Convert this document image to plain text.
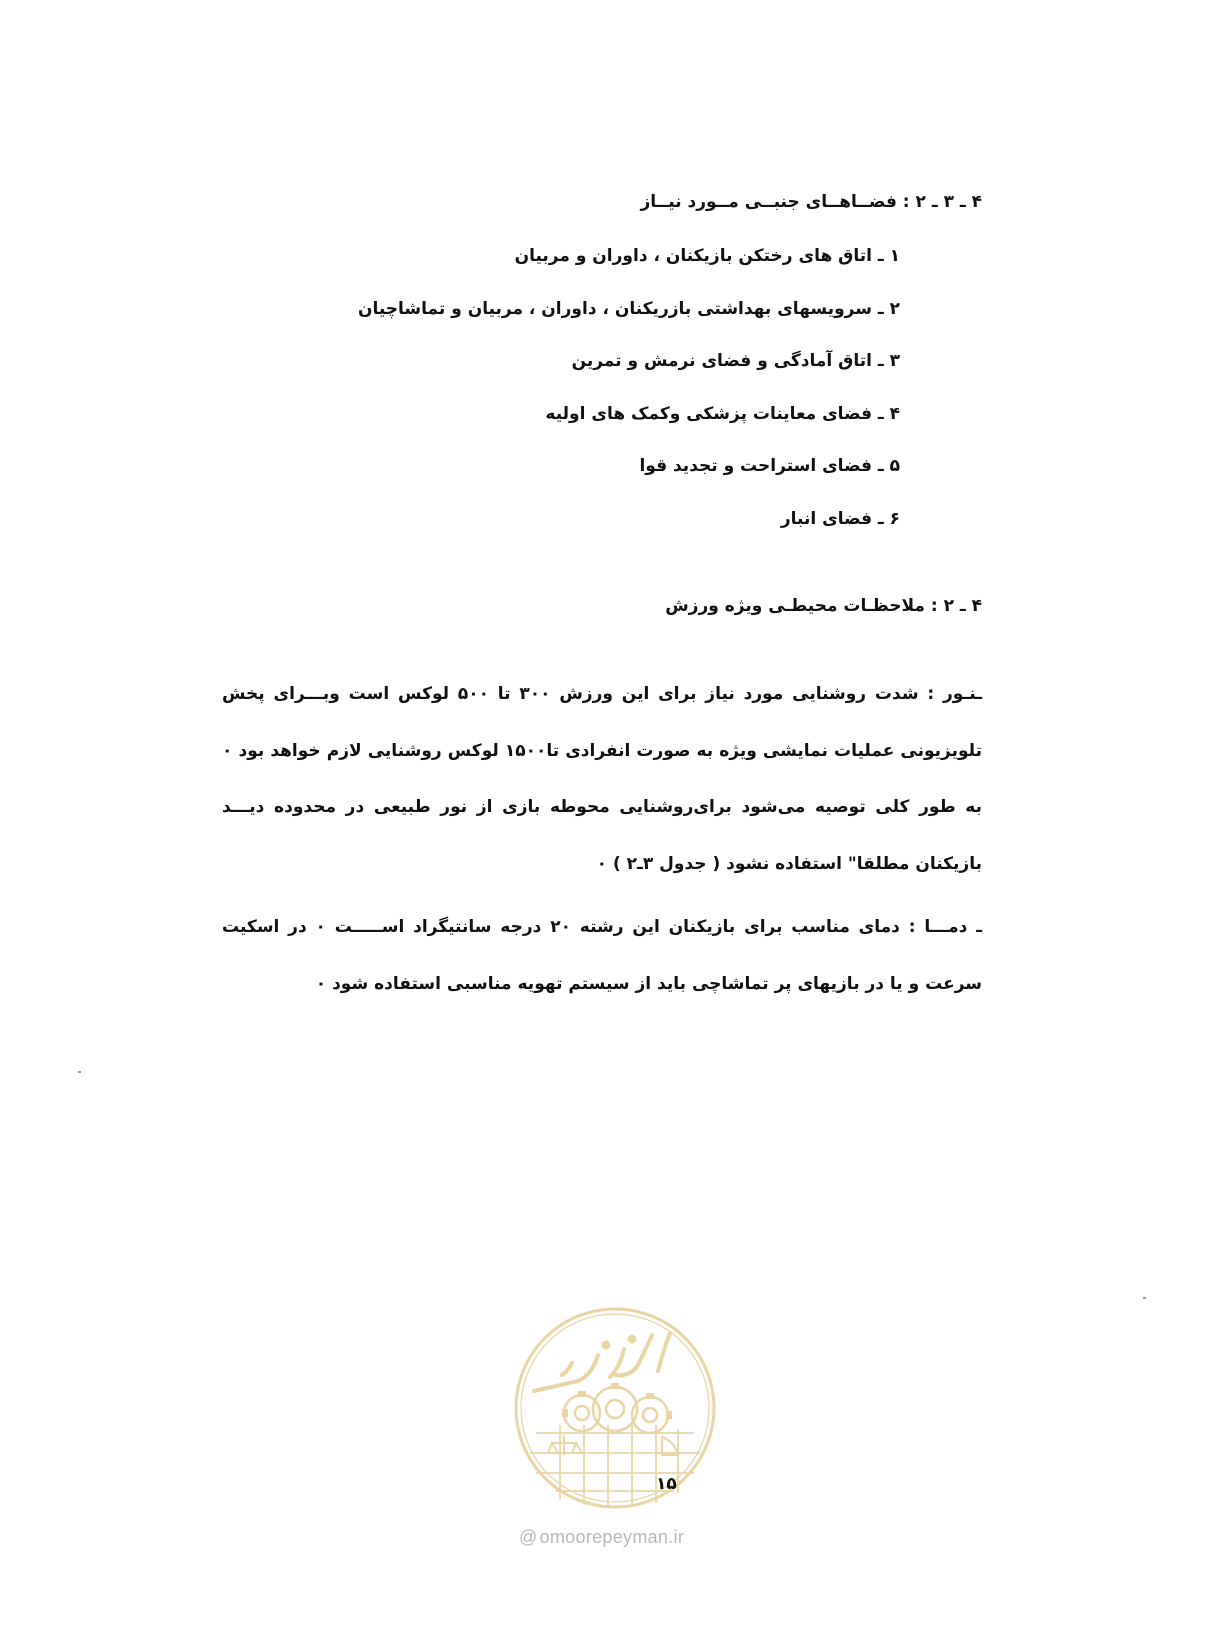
۴ ـ ۳ ـ ۲ : فضــاهــای جنبــی مــورد نیــاز
۱ ـ اتاق های رختکن بازیکنان ، داوران و مربیان
۲ ـ سرویسهای بهداشتی بازریکنان ، داوران ، مربیان و تماشاچیان
۳ ـ اتاق آمادگی و فضای نرمش و تمرین
۴ ـ فضای معاینات پزشکی وکمک های اولیه
۵ ـ فضای استراحت و تجدید قوا
۶ ـ فضای انبار
۴ ـ ۲ : ملاحظـات محیطـی ویژه ورزش

ـنـور : شدت روشنایی مورد نیاز برای این ورزش ۳۰۰ تا ۵۰۰ لوکس است وبـــرای پخش تلویزیونی عملیات نمایشی ویژه به صورت انفرادی تا۱۵۰۰ لوکس روشنایی لازم خواهد بود ۰ به طور کلی توصیه می‌شود برای‌روشنایی محوطه بازی از نور طبیعی در محدوده دیـــد بازیکنان مطلقا" استفاده نشود ( جدول ۳ـ۲ ) ۰

ـ دمـــا : دمای مناسب برای بازیکنان این رشته ۲۰ درجه سانتیگراد اســـــت ۰ در اسکیت سرعت و یا در بازیهای پر تماشاچی باید از سیستم تهویه مناسبی استفاده شود ۰

۱۵
@ omoorepeyman.ir
